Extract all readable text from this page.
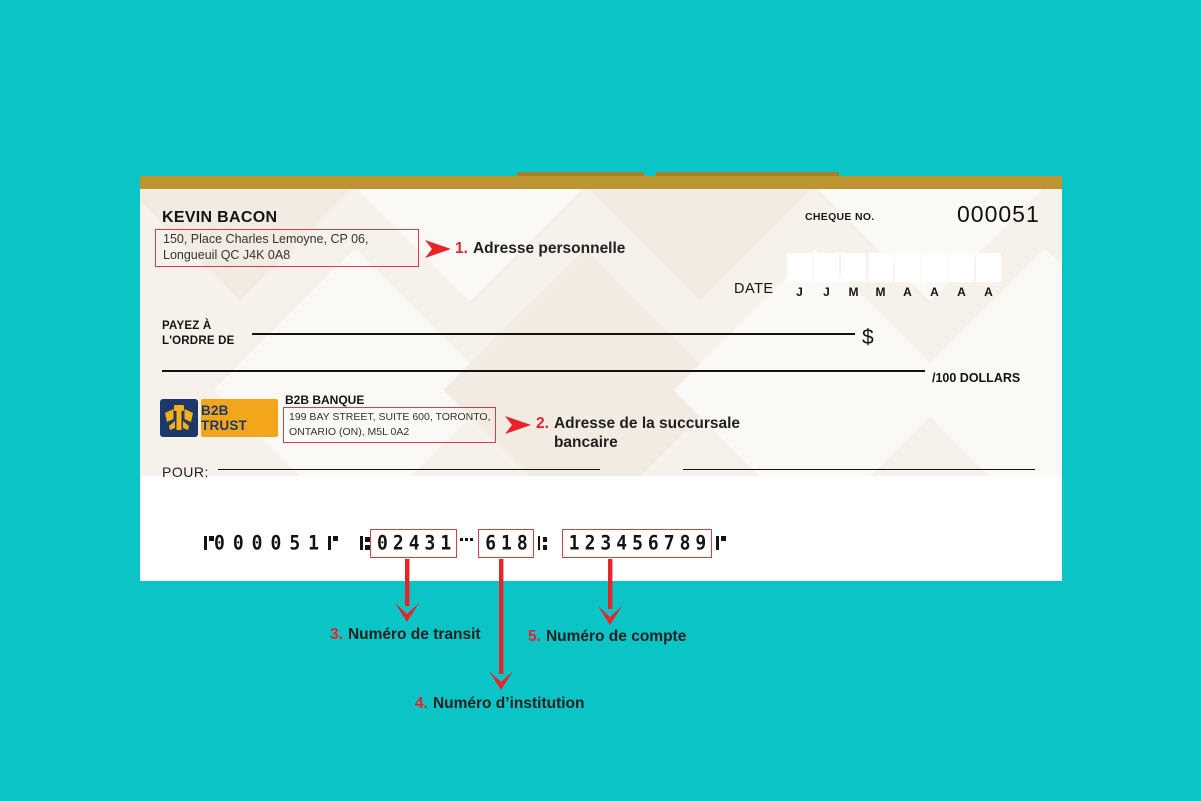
KEVIN BACON
150, Place Charles Lemoyne, CP 06,
Longueuil QC J4K 0A8
CHEQUE NO.	000051
DATE	J	J	M	M	A	A	A	A
PAYEZ À
L'ORDRE DE	$
/100 DOLLARS
B2B TRUST
B2B BANQUE
199 BAY STREET, SUITE 600, TORONTO,
ONTARIO (ON), M5L 0A2
POUR:
000051	02431 618 123456789
1. Adresse personnelle
2. Adresse de la succursale bancaire
3. Numéro de transit
4. Numéro d’institution
5. Numéro de compte
